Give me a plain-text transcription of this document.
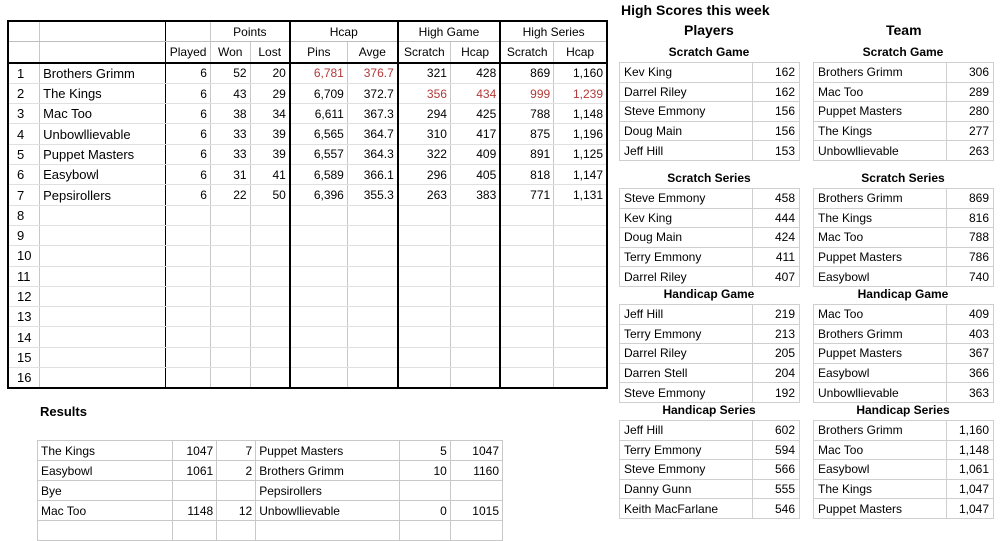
			Points		Hcap		High Game		High Series	
		Played	Won	Lost	Pins	Avge	Scratch	Hcap	Scratch	Hcap
1	Brothers Grimm	6	52	20	6,781	376.7	321	428	869	1,160
2	The Kings	6	43	29	6,709	372.7	356	434	999	1,239
3	Mac Too	6	38	34	6,611	367.3	294	425	788	1,148
4	Unbowllievable	6	33	39	6,565	364.7	310	417	875	1,196
5	Puppet Masters	6	33	39	6,557	364.3	322	409	891	1,125
6	Easybowl	6	31	41	6,589	366.1	296	405	818	1,147
7	Pepsirollers	6	22	50	6,396	355.3	263	383	771	1,131
8										
9										
10										
11										
12										
13										
14										
15										
16										
High Scores this week
Players	Team
Scratch Game
Kev King	162
Darrel Riley	162
Steve Emmony	156
Doug Main	156
Jeff Hill	153
Scratch Series
Steve Emmony	458
Kev King	444
Doug Main	424
Terry Emmony	411
Darrel Riley	407
Handicap Game
Jeff Hill	219
Terry Emmony	213
Darrel Riley	205
Darren Stell	204
Steve Emmony	192
Handicap Series
Jeff Hill	602
Terry Emmony	594
Steve Emmony	566
Danny Gunn	555
Keith MacFarlane	546
Scratch Game
Brothers Grimm	306
Mac Too	289
Puppet Masters	280
The Kings	277
Unbowllievable	263
Scratch Series
Brothers Grimm	869
The Kings	816
Mac Too	788
Puppet Masters	786
Easybowl	740
Handicap Game
Mac Too	409
Brothers Grimm	403
Puppet Masters	367
Easybowl	366
Unbowllievable	363
Handicap Series
Brothers Grimm	1,160
Mac Too	1,148
Easybowl	1,061
The Kings	1,047
Puppet Masters	1,047
Results
The Kings	1047	7	Puppet Masters	5	1047
Easybowl	1061	2	Brothers Grimm	10	1160
Bye			Pepsirollers		
Mac Too	1148	12	Unbowllievable	0	1015
